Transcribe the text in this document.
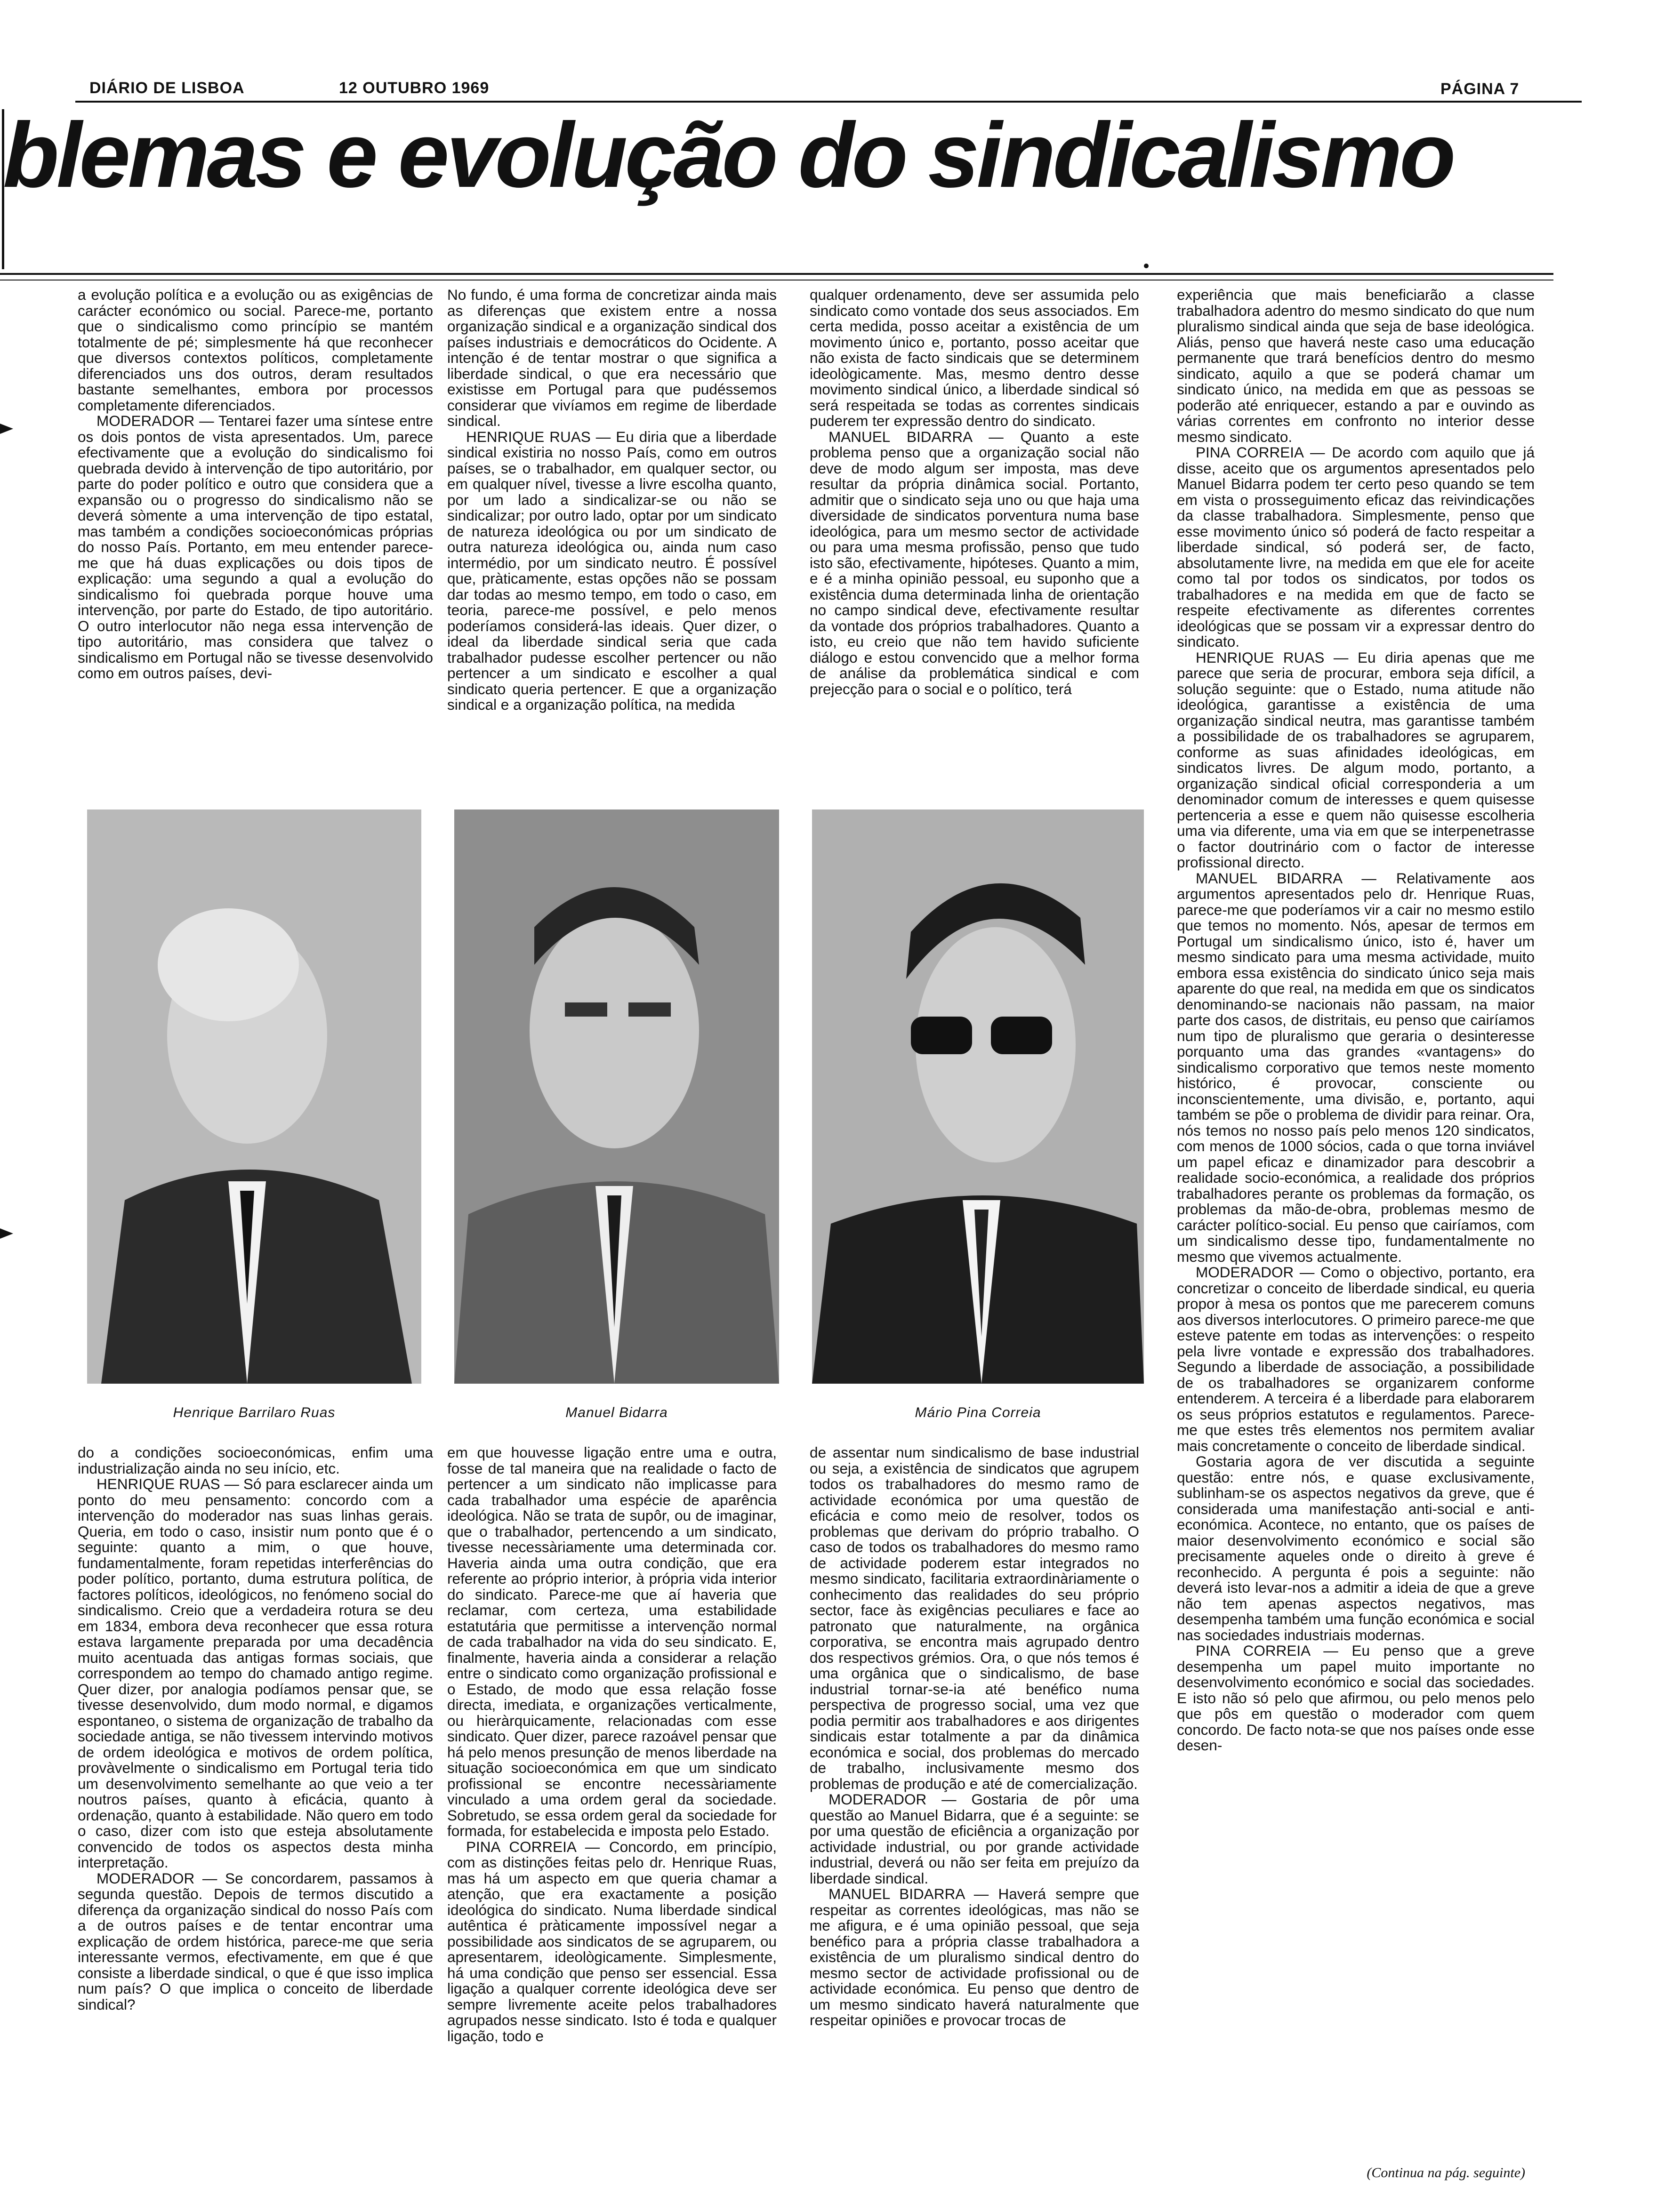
DIÁRIO DE LISBOA	12 OUTUBRO 1969	PÁGINA 7
blemas e evolução do sindicalismo

a evolução política e a evolução ou as exigências de carácter económico ou social. Parece-me, portanto que o sindicalismo como princípio se mantém totalmente de pé; simplesmente há que reconhecer que diversos contextos políticos, completamente diferenciados uns dos outros, deram resultados bastante semelhantes, embora por processos completamente diferenciados.

MODERADOR — Tentarei fazer uma síntese entre os dois pontos de vista apresentados. Um, parece efectivamente que a evolução do sindicalismo foi quebrada devido à intervenção de tipo autoritário, por parte do poder político e outro que considera que a expansão ou o progresso do sindicalismo não se deverá sòmente a uma intervenção de tipo estatal, mas também a condições socioeconómicas próprias do nosso País. Portanto, em meu entender parece-me que há duas explicações ou dois tipos de explicação: uma segundo a qual a evolução do sindicalismo foi quebrada porque houve uma intervenção, por parte do Estado, de tipo autoritário. O outro interlocutor não nega essa intervenção de tipo autoritário, mas considera que talvez o sindicalismo em Portugal não se tivesse desenvolvido como em outros países, devi-

No fundo, é uma forma de concretizar ainda mais as diferenças que existem entre a nossa organização sindical e a organização sindical dos países industriais e democráticos do Ocidente. A intenção é de tentar mostrar o que significa a liberdade sindical, o que era necessário que existisse em Portugal para que pudéssemos considerar que vivíamos em regime de liberdade sindical.

HENRIQUE RUAS — Eu diria que a liberdade sindical existiria no nosso País, como em outros países, se o trabalhador, em qualquer sector, ou em qualquer nível, tivesse a livre escolha quanto, por um lado a sindicalizar-se ou não se sindicalizar; por outro lado, optar por um sindicato de natureza ideológica ou por um sindicato de outra natureza ideológica ou, ainda num caso intermédio, por um sindicato neutro. É possível que, pràticamente, estas opções não se possam dar todas ao mesmo tempo, em todo o caso, em teoria, parece-me possível, e pelo menos poderíamos considerá-las ideais. Quer dizer, o ideal da liberdade sindical seria que cada trabalhador pudesse escolher pertencer ou não pertencer a um sindicato e escolher a qual sindicato queria pertencer. E que a organização sindical e a organização política, na medida

qualquer ordenamento, deve ser assumida pelo sindicato como vontade dos seus associados. Em certa medida, posso aceitar a existência de um movimento único e, portanto, posso aceitar que não exista de facto sindicais que se determinem ideològicamente. Mas, mesmo dentro desse movimento sindical único, a liberdade sindical só será respeitada se todas as correntes sindicais puderem ter expressão dentro do sindicato.

MANUEL BIDARRA — Quanto a este problema penso que a organização social não deve de modo algum ser imposta, mas deve resultar da própria dinâmica social. Portanto, admitir que o sindicato seja uno ou que haja uma diversidade de sindicatos porventura numa base ideológica, para um mesmo sector de actividade ou para uma mesma profissão, penso que tudo isto são, efectivamente, hipóteses. Quanto a mim, e é a minha opinião pessoal, eu suponho que a existência duma determinada linha de orientação no campo sindical deve, efectivamente resultar da vontade dos próprios trabalhadores. Quanto a isto, eu creio que não tem havido suficiente diálogo e estou convencido que a melhor forma de análise da problemática sindical e com prejecção para o social e o político, terá

experiência que mais beneficiarão a classe trabalhadora adentro do mesmo sindicato do que num pluralismo sindical ainda que seja de base ideológica. Aliás, penso que haverá neste caso uma educação permanente que trará benefícios dentro do mesmo sindicato, aquilo a que se poderá chamar um sindicato único, na medida em que as pessoas se poderão até enriquecer, estando a par e ouvindo as várias correntes em confronto no interior desse mesmo sindicato.

PINA CORREIA — De acordo com aquilo que já disse, aceito que os argumentos apresentados pelo Manuel Bidarra podem ter certo peso quando se tem em vista o prosseguimento eficaz das reivindicações da classe trabalhadora. Simplesmente, penso que esse movimento único só poderá de facto respeitar a liberdade sindical, só poderá ser, de facto, absolutamente livre, na medida em que ele for aceite como tal por todos os sindicatos, por todos os trabalhadores e na medida em que de facto se respeite efectivamente as diferentes correntes ideológicas que se possam vir a expressar dentro do sindicato.

HENRIQUE RUAS — Eu diria apenas que me parece que seria de procurar, embora seja difícil, a solução seguinte: que o Estado, numa atitude não ideológica, garantisse a existência de uma organização sindical neutra, mas garantisse também a possibilidade de os trabalhadores se agruparem, conforme as suas afinidades ideológicas, em sindicatos livres. De algum modo, portanto, a organização sindical oficial corresponderia a um denominador comum de interesses e quem quisesse pertenceria a esse e quem não quisesse escolheria uma via diferente, uma via em que se interpenetrasse o factor doutrinário com o factor de interesse profissional directo.

MANUEL BIDARRA — Relativamente aos argumentos apresentados pelo dr. Henrique Ruas, parece-me que poderíamos vir a cair no mesmo estilo que temos no momento. Nós, apesar de termos em Portugal um sindicalismo único, isto é, haver um mesmo sindicato para uma mesma actividade, muito embora essa existência do sindicato único seja mais aparente do que real, na medida em que os sindicatos denominando-se nacionais não passam, na maior parte dos casos, de distritais, eu penso que cairíamos num tipo de pluralismo que geraria o desinteresse porquanto uma das grandes «vantagens» do sindicalismo corporativo que temos neste momento histórico, é provocar, consciente ou inconscientemente, uma divisão, e, portanto, aqui também se põe o problema de dividir para reinar. Ora, nós temos no nosso país pelo menos 120 sindicatos, com menos de 1000 sócios, cada o que torna inviável um papel eficaz e dinamizador para descobrir a realidade socio-económica, a realidade dos próprios trabalhadores perante os problemas da formação, os problemas da mão-de-obra, problemas mesmo de carácter político-social. Eu penso que cairíamos, com um sindicalismo desse tipo, fundamentalmente no mesmo que vivemos actualmente.

MODERADOR — Como o objectivo, portanto, era concretizar o conceito de liberdade sindical, eu queria propor à mesa os pontos que me parecerem comuns aos diversos interlocutores. O primeiro parece-me que esteve patente em todas as intervenções: o respeito pela livre vontade e expressão dos trabalhadores. Segundo a liberdade de associação, a possibilidade de os trabalhadores se organizarem conforme entenderem. A terceira é a liberdade para elaborarem os seus próprios estatutos e regulamentos. Parece-me que estes três elementos nos permitem avaliar mais concretamente o conceito de liberdade sindical.

Gostaria agora de ver discutida a seguinte questão: entre nós, e quase exclusivamente, sublinham-se os aspectos negativos da greve, que é considerada uma manifestação anti-social e anti-económica. Acontece, no entanto, que os países de maior desenvolvimento económico e social são precisamente aqueles onde o direito à greve é reconhecido. A pergunta é pois a seguinte: não deverá isto levar-nos a admitir a ideia de que a greve não tem apenas aspectos negativos, mas desempenha também uma função económica e social nas sociedades industriais modernas.

PINA CORREIA — Eu penso que a greve desempenha um papel muito importante no desenvolvimento económico e social das sociedades. E isto não só pelo que afirmou, ou pelo menos pelo que pôs em questão o moderador com quem concordo. De facto nota-se que nos países onde esse desen-

Henrique Barrilaro Ruas	Manuel Bidarra	Mário Pina Correia

do a condições socioeconómicas, enfim uma industrialização ainda no seu início, etc.

HENRIQUE RUAS — Só para esclarecer ainda um ponto do meu pensamento: concordo com a intervenção do moderador nas suas linhas gerais. Queria, em todo o caso, insistir num ponto que é o seguinte: quanto a mim, o que houve, fundamentalmente, foram repetidas interferências do poder político, portanto, duma estrutura política, de factores políticos, ideológicos, no fenómeno social do sindicalismo. Creio que a verdadeira rotura se deu em 1834, embora deva reconhecer que essa rotura estava largamente preparada por uma decadência muito acentuada das antigas formas sociais, que correspondem ao tempo do chamado antigo regime. Quer dizer, por analogia podíamos pensar que, se tivesse desenvolvido, dum modo normal, e digamos espontaneo, o sistema de organização de trabalho da sociedade antiga, se não tivessem intervindo motivos de ordem ideológica e motivos de ordem política, provàvelmente o sindicalismo em Portugal teria tido um desenvolvimento semelhante ao que veio a ter noutros países, quanto à eficácia, quanto à ordenação, quanto à estabilidade. Não quero em todo o caso, dizer com isto que esteja absolutamente convencido de todos os aspectos desta minha interpretação.

MODERADOR — Se concordarem, passamos à segunda questão. Depois de termos discutido a diferença da organização sindical do nosso País com a de outros países e de tentar encontrar uma explicação de ordem histórica, parece-me que seria interessante vermos, efectivamente, em que é que consiste a liberdade sindical, o que é que isso implica num país? O que implica o conceito de liberdade sindical?

em que houvesse ligação entre uma e outra, fosse de tal maneira que na realidade o facto de pertencer a um sindicato não implicasse para cada trabalhador uma espécie de aparência ideológica. Não se trata de supôr, ou de imaginar, que o trabalhador, pertencendo a um sindicato, tivesse necessàriamente uma determinada cor. Haveria ainda uma outra condição, que era referente ao próprio interior, à própria vida interior do sindicato. Parece-me que aí haveria que reclamar, com certeza, uma estabilidade estatutária que permitisse a intervenção normal de cada trabalhador na vida do seu sindicato. E, finalmente, haveria ainda a considerar a relação entre o sindicato como organização profissional e o Estado, de modo que essa relação fosse directa, imediata, e organizações verticalmente, ou hieràrquicamente, relacionadas com esse sindicato. Quer dizer, parece razoável pensar que há pelo menos presunção de menos liberdade na situação socioeconómica em que um sindicato profissional se encontre necessàriamente vinculado a uma ordem geral da sociedade. Sobretudo, se essa ordem geral da sociedade for formada, for estabelecida e imposta pelo Estado.

PINA CORREIA — Concordo, em princípio, com as distinções feitas pelo dr. Henrique Ruas, mas há um aspecto em que queria chamar a atenção, que era exactamente a posição ideológica do sindicato. Numa liberdade sindical autêntica é pràticamente impossível negar a possibilidade aos sindicatos de se agruparem, ou apresentarem, ideològicamente. Simplesmente, há uma condição que penso ser essencial. Essa ligação a qualquer corrente ideológica deve ser sempre livremente aceite pelos trabalhadores agrupados nesse sindicato. Isto é toda e qualquer ligação, todo e

de assentar num sindicalismo de base industrial ou seja, a existência de sindicatos que agrupem todos os trabalhadores do mesmo ramo de actividade económica por uma questão de eficácia e como meio de resolver, todos os problemas que derivam do próprio trabalho. O caso de todos os trabalhadores do mesmo ramo de actividade poderem estar integrados no mesmo sindicato, facilitaria extraordinàriamente o conhecimento das realidades do seu próprio sector, face às exigências peculiares e face ao patronato que naturalmente, na orgânica corporativa, se encontra mais agrupado dentro dos respectivos grémios. Ora, o que nós temos é uma orgânica que o sindicalismo, de base industrial tornar-se-ia até benéfico numa perspectiva de progresso social, uma vez que podia permitir aos trabalhadores e aos dirigentes sindicais estar totalmente a par da dinâmica económica e social, dos problemas do mercado de trabalho, inclusivamente mesmo dos problemas de produção e até de comercialização.

MODERADOR — Gostaria de pôr uma questão ao Manuel Bidarra, que é a seguinte: se por uma questão de eficiência a organização por actividade industrial, ou por grande actividade industrial, deverá ou não ser feita em prejuízo da liberdade sindical.

MANUEL BIDARRA — Haverá sempre que respeitar as correntes ideológicas, mas não se me afigura, e é uma opinião pessoal, que seja benéfico para a própria classe trabalhadora a existência de um pluralismo sindical dentro do mesmo sector de actividade profissional ou de actividade económica. Eu penso que dentro de um mesmo sindicato haverá naturalmente que respeitar opiniões e provocar trocas de

(Continua na pág. seguinte)
